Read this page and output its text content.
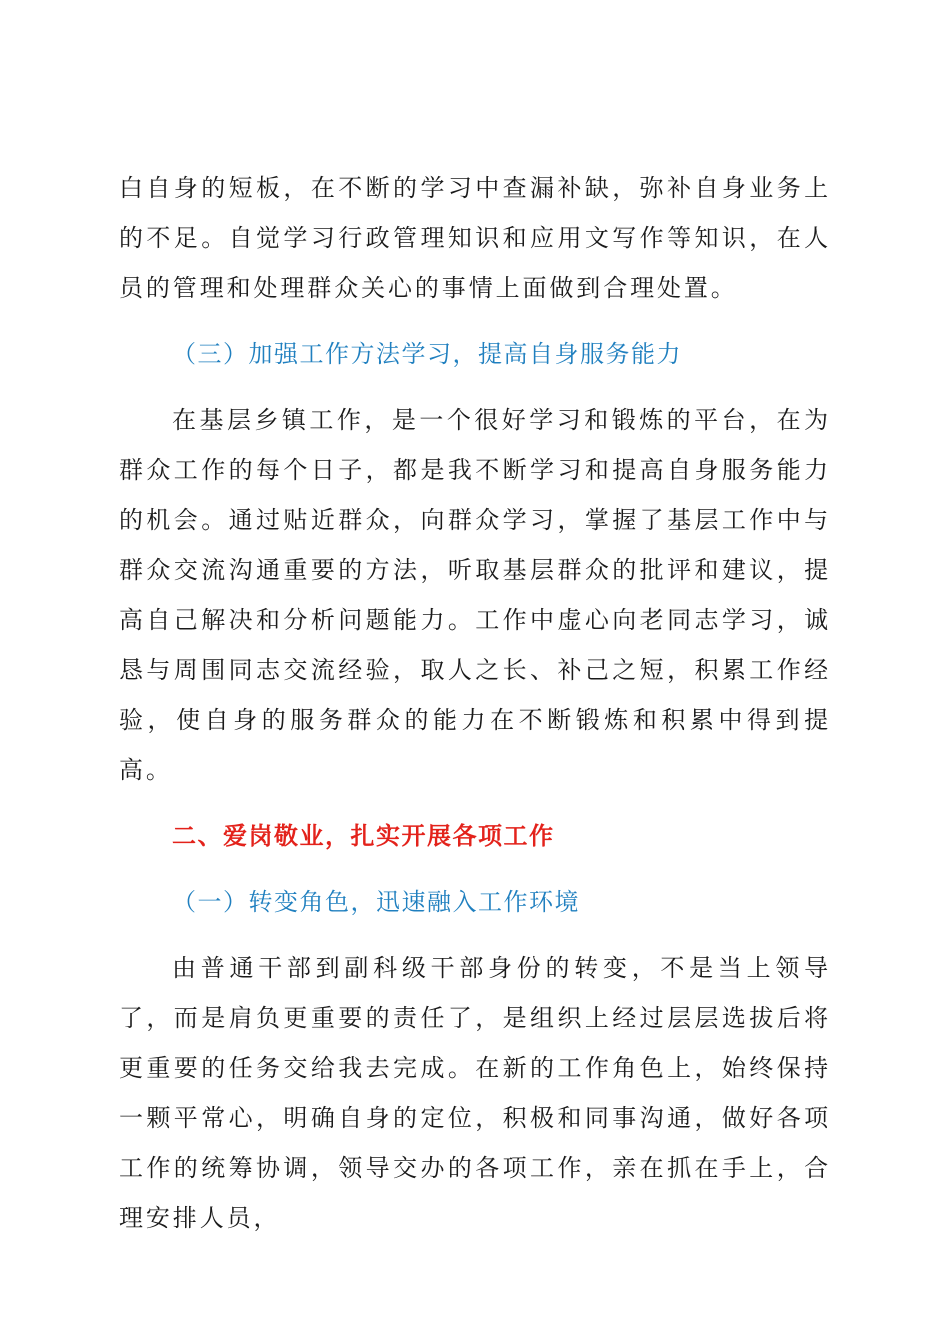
白自身的短板，在不断的学习中查漏补缺，弥补自身业务上的不足。自觉学习行政管理知识和应用文写作等知识，在人员的管理和处理群众关心的事情上面做到合理处置。

（三）加强工作方法学习，提高自身服务能力

在基层乡镇工作，是一个很好学习和锻炼的平台，在为群众工作的每个日子，都是我不断学习和提高自身服务能力的机会。通过贴近群众，向群众学习，掌握了基层工作中与群众交流沟通重要的方法，听取基层群众的批评和建议，提高自己解决和分析问题能力。工作中虚心向老同志学习，诚恳与周围同志交流经验，取人之长、补己之短，积累工作经验，使自身的服务群众的能力在不断锻炼和积累中得到提高。

二、爱岗敬业，扎实开展各项工作

（一）转变角色，迅速融入工作环境

由普通干部到副科级干部身份的转变，不是当上领导了，而是肩负更重要的责任了，是组织上经过层层选拔后将更重要的任务交给我去完成。在新的工作角色上，始终保持一颗平常心，明确自身的定位，积极和同事沟通，做好各项工作的统筹协调，领导交办的各项工作，亲在抓在手上，合理安排人员，
